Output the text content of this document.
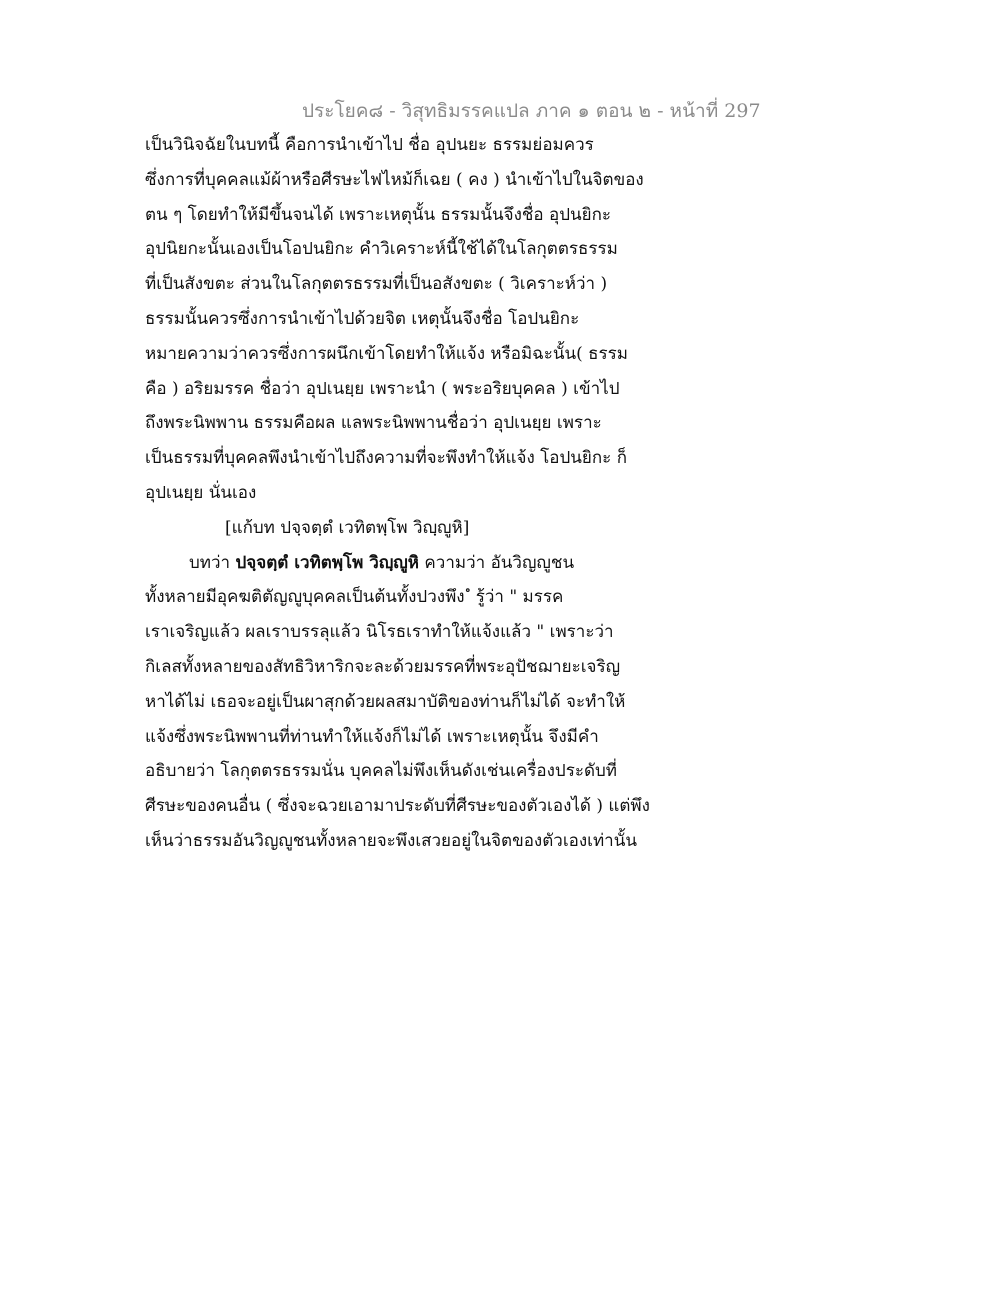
ประโยค๘ - วิสุทธิมรรคแปล ภาค ๑ ตอน ๒ - หน้าที่ 297
เป็นวินิจฉัยในบทนี้ คือการนำเข้าไป ชื่อ อุปนยะ ธรรมย่อมควร
ซึ่งการที่บุคคลแม้ผ้าหรือศีรษะไฟไหม้ก็เฉย ( คง ) นำเข้าไปในจิตของ
ตน ๆ โดยทำให้มีขึ้นจนได้ เพราะเหตุนั้น ธรรมนั้นจึงชื่อ อุปนยิกะ
อุปนิยกะนั้นเองเป็นโอปนยิกะ คำวิเคราะห์นี้ใช้ได้ในโลกุตตรธรรม
ที่เป็นสังขตะ ส่วนในโลกุตตรธรรมที่เป็นอสังขตะ ( วิเคราะห์ว่า )
ธรรมนั้นควรซึ่งการนำเข้าไปด้วยจิต เหตุนั้นจึงชื่อ โอปนยิกะ
หมายความว่าควรซึ่งการผนึกเข้าโดยทำให้แจ้ง หรือมิฉะนั้น( ธรรม
คือ ) อริยมรรค ชื่อว่า อุปเนยฺย เพราะนำ ( พระอริยบุคคล ) เข้าไป
ถึงพระนิพพาน ธรรมคือผล แลพระนิพพานชื่อว่า อุปเนยฺย เพราะ
เป็นธรรมที่บุคคลพึงนำเข้าไปถึงความที่จะพึงทำให้แจ้ง โอปนยิกะ ก็
อุปเนยฺย นั่นเอง
[แก้บท ปจฺจตฺตํ เวทิตพฺโพ วิญฺญูหิ]
บทว่า ปจฺจตฺตํ เวทิตพฺโพ วิญฺญูหิ ความว่า อันวิญญูชน
ทั้งหลายมีอุคฆติตัญญูบุคคลเป็นต้นทั้งปวงพึง ํ รู้ว่า " มรรค
เราเจริญแล้ว ผลเราบรรลุแล้ว นิโรธเราทำให้แจ้งแล้ว " เพราะว่า
กิเลสทั้งหลายของสัทธิวิหาริกจะละด้วยมรรคที่พระอุปัชฌายะเจริญ
หาได้ไม่ เธอจะอยู่เป็นผาสุกด้วยผลสมาบัติของท่านก็ไม่ได้ จะทำให้
แจ้งซึ่งพระนิพพานที่ท่านทำให้แจ้งก็ไม่ได้ เพราะเหตุนั้น จึงมีคำ
อธิบายว่า โลกุตตรธรรมนั่น บุคคลไม่พึงเห็นดังเช่นเครื่องประดับที่
ศีรษะของคนอื่น ( ซึ่งจะฉวยเอามาประดับที่ศีรษะของตัวเองได้ ) แต่พึง
เห็นว่าธรรมอันวิญญูชนทั้งหลายจะพึงเสวยอยู่ในจิตของตัวเองเท่านั้น
